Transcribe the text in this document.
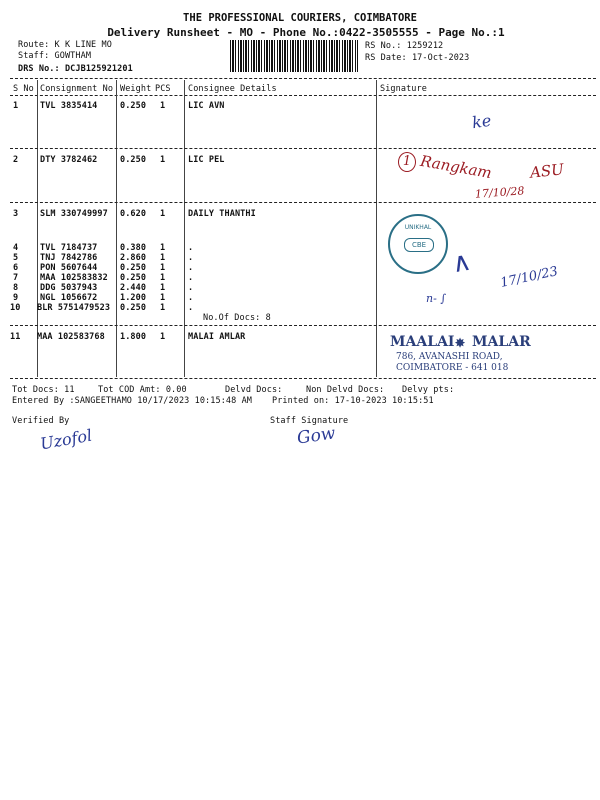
THE PROFESSIONAL COURIERS, COIMBATORE
Delivery Runsheet - MO - Phone No.:0422-3505555 - Page No.:1
Route: K K LINE MO
Staff: GOWTHAM
DRS No.: DCJB125921201
RS No.: 1259212
RS Date: 17-Oct-2023
S No Consignment No Weight PCS Consignee Details	Signature
1	TVL 3835414	0.250 1	LIC AVN
2	DTY 3782462	0.250 1	LIC PEL
3	SLM 330749997 0.620 1	DAILY THANTHI
4	TVL 7184737	0.380 1	.
5	TNJ 7842786	2.860 1	.
6	PON 5607644	0.250 1	.
7	MAA 102583832 0.250 1	.
8	DDG 5037943	2.440 1	.
9	NGL 1056672	1.200 1	.
10 BLR 5751479523 0.250 1	.
No.Of Docs: 8
11 MAA 102583768 1.800 1	MALAI AMLAR
Tot Docs: 11	Tot COD Amt: 0.00	Delvd Docs:	Non Delvd Docs: Delvy pts:
Entered By :SANGEETHAMO 10/17/2023 10:15:48 AM Printed on: 17-10-2023 10:15:51
Verified By	Staff Signature
ke
1 Rangkam ASU
17/10/28
UNIKHAL
CBE
∧ 17/10/23
n- ∫
MAALAI ✸ MALAR
786, AVANASHI ROAD,
COIMBATORE - 641 018
Uzofol	Gow
